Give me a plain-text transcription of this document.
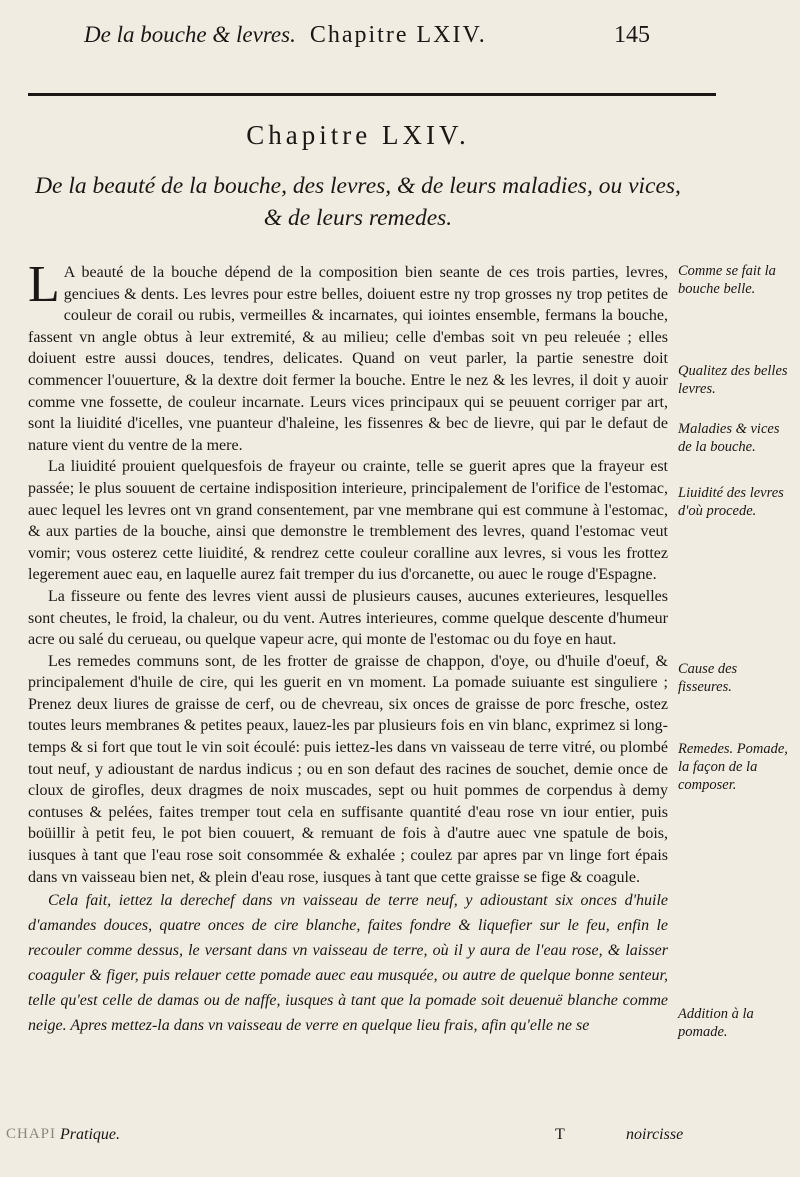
De la bouche & levres. Chapitre LXIV.	145
Chapitre LXIV.
De la beauté de la bouche, des levres, & de leurs maladies, ou vices,
& de leurs remedes.

L A beauté de la bouche dépend de la composition bien seante de ces trois parties, levres, genciues & dents. Les levres pour estre belles, doiuent estre ny trop grosses ny trop petites de couleur de corail ou rubis, vermeilles & incarnates, qui iointes ensemble, fermans la bouche, fassent vn angle obtus à leur extremité, & au milieu; celle d'embas soit vn peu releuée ; elles doiuent estre aussi douces, tendres, delicates. Quand on veut parler, la partie senestre doit commencer l'ouuerture, & la dextre doit fermer la bouche. Entre le nez & les levres, il doit y auoir comme vne fossette, de couleur incarnate. Leurs vices principaux qui se peuuent corriger par art, sont la liuidité d'icelles, vne puanteur d'haleine, les fissenres & bec de lievre, qui par le defaut de nature vient du ventre de la mere.

La liuidité prouient quelquesfois de frayeur ou crainte, telle se guerit apres que la frayeur est passée; le plus souuent de certaine indisposition interieure, principalement de l'orifice de l'estomac, auec lequel les levres ont vn grand consentement, par vne membrane qui est commune à l'estomac, & aux parties de la bouche, ainsi que demonstre le tremblement des levres, quand l'estomac veut vomir; vous osterez cette liuidité, & rendrez cette couleur coralline aux levres, si vous les frottez legerement auec eau, en laquelle aurez fait tremper du ius d'orcanette, ou auec le rouge d'Espagne.

La fisseure ou fente des levres vient aussi de plusieurs causes, aucunes exterieures, lesquelles sont cheutes, le froid, la chaleur, ou du vent. Autres interieures, comme quelque descente d'humeur acre ou salé du cerueau, ou quelque vapeur acre, qui monte de l'estomac ou du foye en haut.

Les remedes communs sont, de les frotter de graisse de chappon, d'oye, ou d'huile d'oeuf, & principalement d'huile de cire, qui les guerit en vn moment. La pomade suiuante est singuliere ; Prenez deux liures de graisse de cerf, ou de chevreau, six onces de graisse de porc fresche, ostez toutes leurs membranes & petites peaux, lauez-les par plusieurs fois en vin blanc, exprimez si long-temps & si fort que tout le vin soit écoulé: puis iettez-les dans vn vaisseau de terre vitré, ou plombé tout neuf, y adioustant de nardus indicus ; ou en son defaut des racines de souchet, demie once de cloux de girofles, deux dragmes de noix muscades, sept ou huit pommes de corpendus à demy contuses & pelées, faites tremper tout cela en suffisante quantité d'eau rose vn iour entier, puis boüillir à petit feu, le pot bien couuert, & remuant de fois à d'autre auec vne spatule de bois, iusques à tant que l'eau rose soit consommée & exhalée ; coulez par apres par vn linge fort épais dans vn vaisseau bien net, & plein d'eau rose, iusques à tant que cette graisse se fige & coagule.

Cela fait, iettez la derechef dans vn vaisseau de terre neuf, y adioustant six onces d'huile d'amandes douces, quatre onces de cire blanche, faites fondre & liquefier sur le feu, enfin le recouler comme dessus, le versant dans vn vaisseau de terre, où il y aura de l'eau rose, & laisser coaguler & figer, puis relauer cette pomade auec eau musquée, ou autre de quelque bonne senteur, telle qu'est celle de damas ou de naffe, iusques à tant que la pomade soit deuenuë blanche comme neige. Apres mettez-la dans vn vaisseau de verre en quelque lieu frais, afin qu'elle ne se

Comme se fait la bouche belle.
Qualitez des belles levres.
Maladies & vices de la bouche.
Liuidité des levres d'où procede.
Cause des fisseures.
Remedes. Pomade, la façon de la composer.
Addition à la pomade.
CHAPI Pratique.	T	noircisse
